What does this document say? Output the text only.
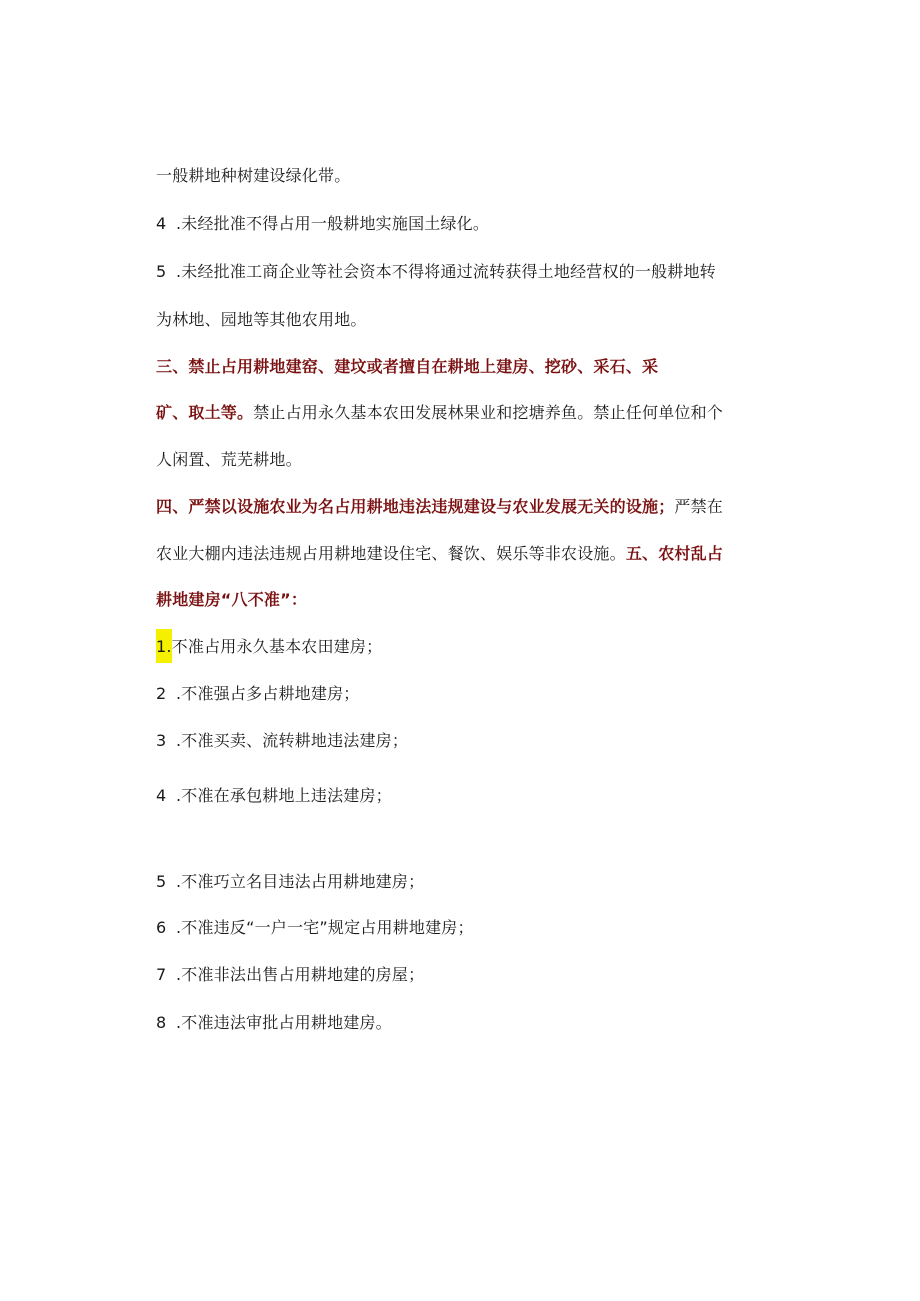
一般耕地种树建设绿化带。
4 .未经批准不得占用一般耕地实施国土绿化。
5 .未经批准工商企业等社会资本不得将通过流转获得土地经营权的一般耕地转
为林地、园地等其他农用地。
三、禁止占用耕地建窑、建坟或者擅自在耕地上建房、挖砂、采石、采
矿、取土等。禁止占用永久基本农田发展林果业和挖塘养鱼。禁止任何单位和个
人闲置、荒芜耕地。
四、严禁以设施农业为名占用耕地违法违规建设与农业发展无关的设施；严禁在
农业大棚内违法违规占用耕地建设住宅、餐饮、娱乐等非农设施。五、农村乱占
耕地建房“八不准”：
1.不准占用永久基本农田建房；
2 .不准强占多占耕地建房；
3 .不准买卖、流转耕地违法建房；
4 .不准在承包耕地上违法建房；
5 .不准巧立名目违法占用耕地建房；
6 .不准违反“一户一宅”规定占用耕地建房；
7 .不准非法出售占用耕地建的房屋；
8 .不准违法审批占用耕地建房。
